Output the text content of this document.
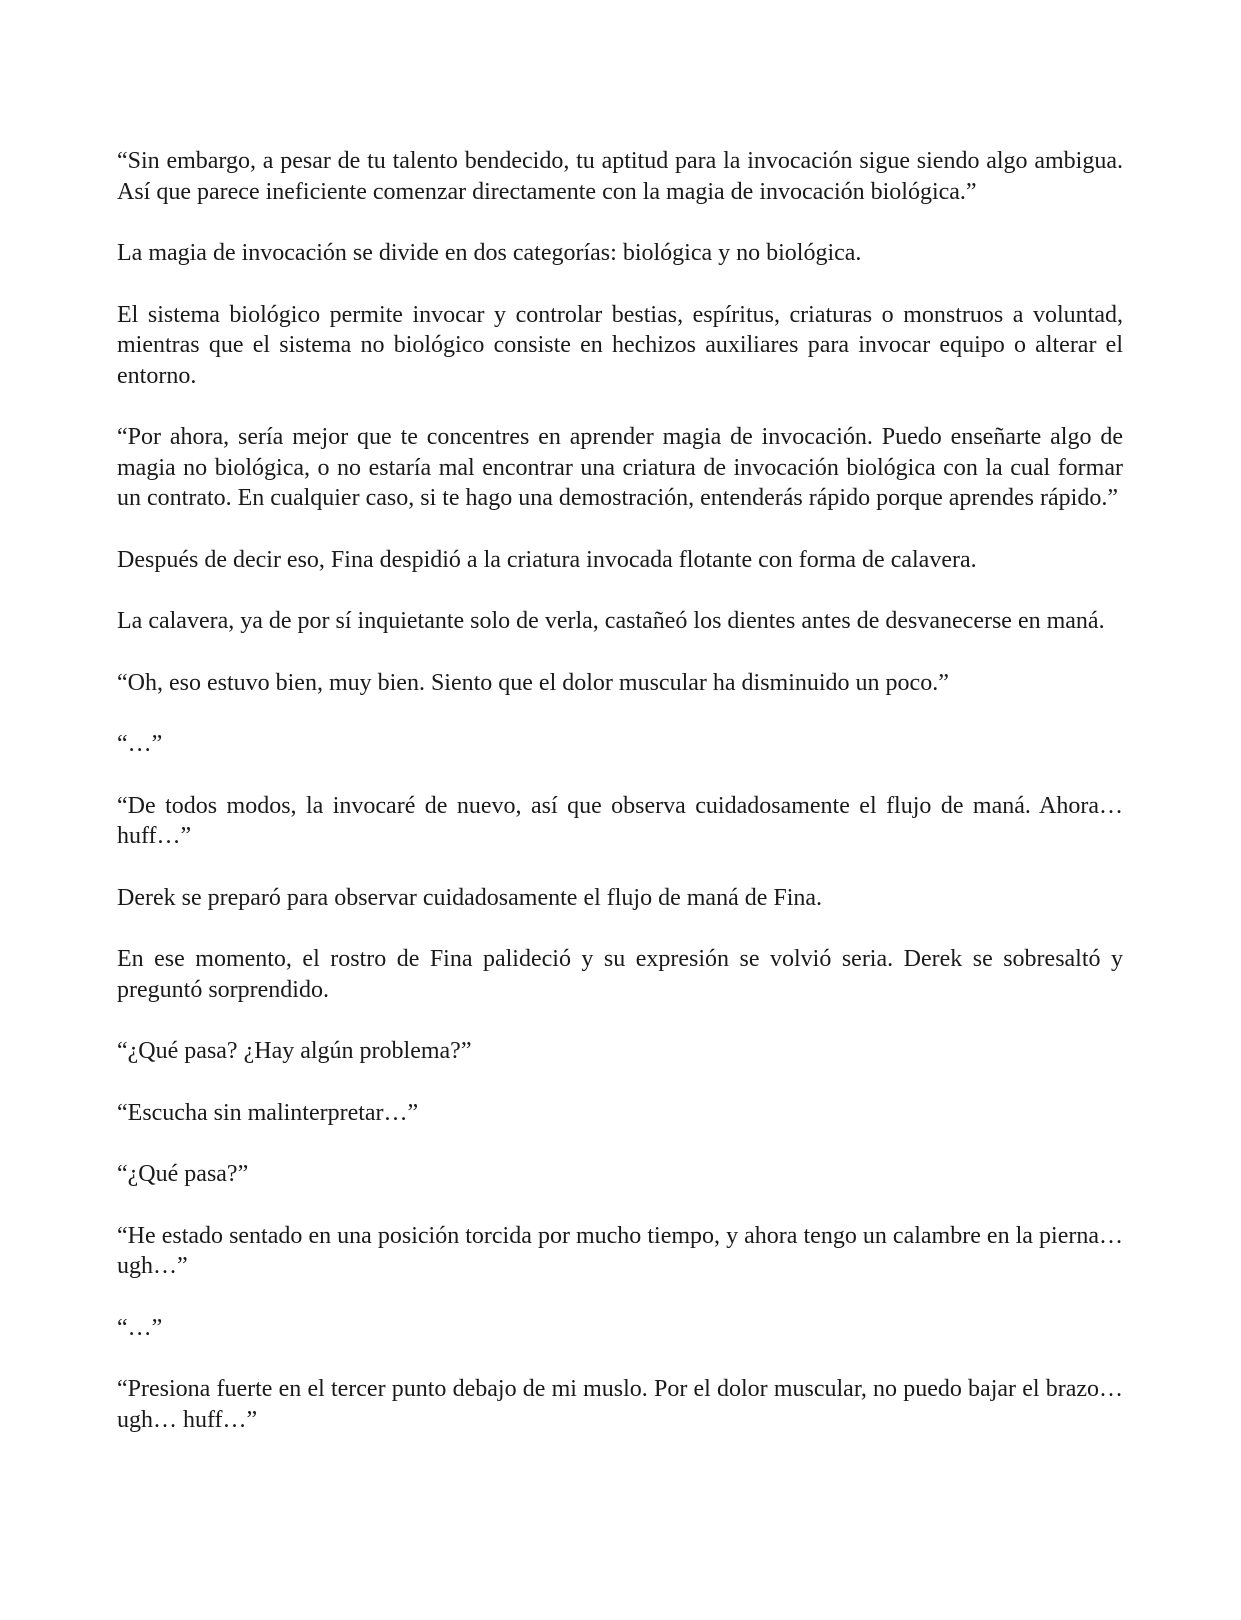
“Sin embargo, a pesar de tu talento bendecido, tu aptitud para la invocación sigue siendo algo ambigua. Así que parece ineficiente comenzar directamente con la magia de invocación biológica.”

La magia de invocación se divide en dos categorías: biológica y no biológica.

El sistema biológico permite invocar y controlar bestias, espíritus, criaturas o monstruos a voluntad, mientras que el sistema no biológico consiste en hechizos auxiliares para invocar equipo o alterar el entorno.

“Por ahora, sería mejor que te concentres en aprender magia de invocación. Puedo enseñarte algo de magia no biológica, o no estaría mal encontrar una criatura de invocación biológica con la cual formar un contrato. En cualquier caso, si te hago una demostración, entenderás rápido porque aprendes rápido.”

Después de decir eso, Fina despidió a la criatura invocada flotante con forma de calavera.

La calavera, ya de por sí inquietante solo de verla, castañeó los dientes antes de desvanecerse en maná.

“Oh, eso estuvo bien, muy bien. Siento que el dolor muscular ha disminuido un poco.”

“…”

“De todos modos, la invocaré de nuevo, así que observa cuidadosamente el flujo de maná. Ahora… huff…”

Derek se preparó para observar cuidadosamente el flujo de maná de Fina.

En ese momento, el rostro de Fina palideció y su expresión se volvió seria. Derek se sobresaltó y preguntó sorprendido.

“¿Qué pasa? ¿Hay algún problema?”

“Escucha sin malinterpretar…”

“¿Qué pasa?”

“He estado sentado en una posición torcida por mucho tiempo, y ahora tengo un calambre en la pierna… ugh…”

“…”

“Presiona fuerte en el tercer punto debajo de mi muslo. Por el dolor muscular, no puedo bajar el brazo… ugh… huff…”
